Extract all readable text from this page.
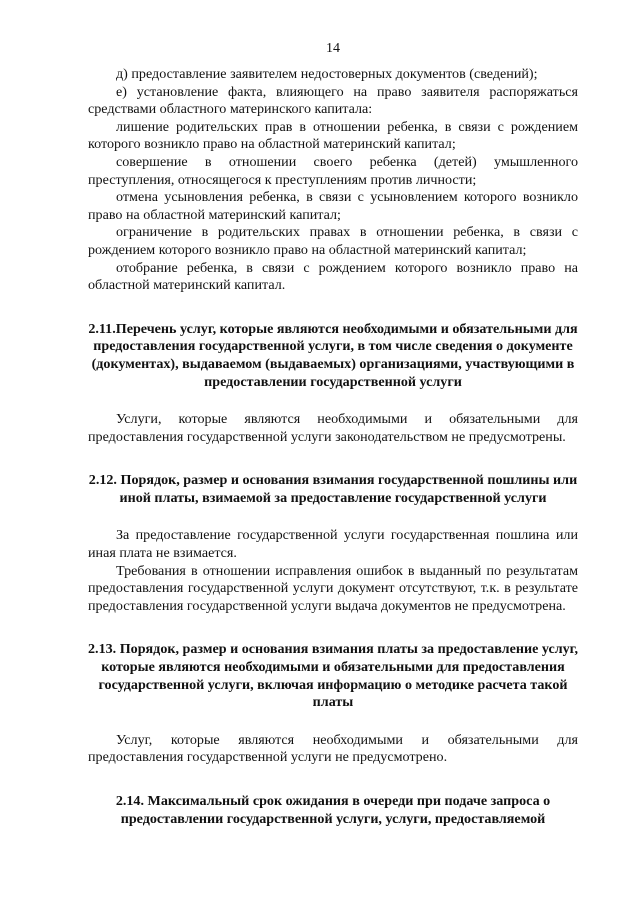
14

д) предоставление заявителем недостоверных документов (сведений);

е) установление факта, влияющего на право заявителя распоряжаться средствами областного материнского капитала:

лишение родительских прав в отношении ребенка, в связи с рождением которого возникло право на областной материнский капитал;

совершение в отношении своего ребенка (детей) умышленного преступления, относящегося к преступлениям против личности;

отмена усыновления ребенка, в связи с усыновлением которого возникло право на областной материнский капитал;

ограничение в родительских правах в отношении ребенка, в связи с рождением которого возникло право на областной материнский капитал;

отобрание ребенка, в связи с рождением которого возникло право на областной материнский капитал.

2.11.Перечень услуг, которые являются необходимыми и обязательными для предоставления государственной услуги, в том числе сведения о документе (документах), выдаваемом (выдаваемых) организациями, участвующими в предоставлении государственной услуги

Услуги, которые являются необходимыми и обязательными для предоставления государственной услуги законодательством не предусмотрены.

2.12. Порядок, размер и основания взимания государственной пошлины или иной платы, взимаемой за предоставление государственной услуги

За предоставление государственной услуги государственная пошлина или иная плата не взимается.

Требования в отношении исправления ошибок в выданный по результатам предоставления государственной услуги документ отсутствуют, т.к. в результате предоставления государственной услуги выдача документов не предусмотрена.

2.13. Порядок, размер и основания взимания платы за предоставление услуг, которые являются необходимыми и обязательными для предоставления государственной услуги, включая информацию о методике расчета такой платы

Услуг, которые являются необходимыми и обязательными для предоставления государственной услуги не предусмотрено.

2.14. Максимальный срок ожидания в очереди при подаче запроса о предоставлении государственной услуги, услуги, предоставляемой
